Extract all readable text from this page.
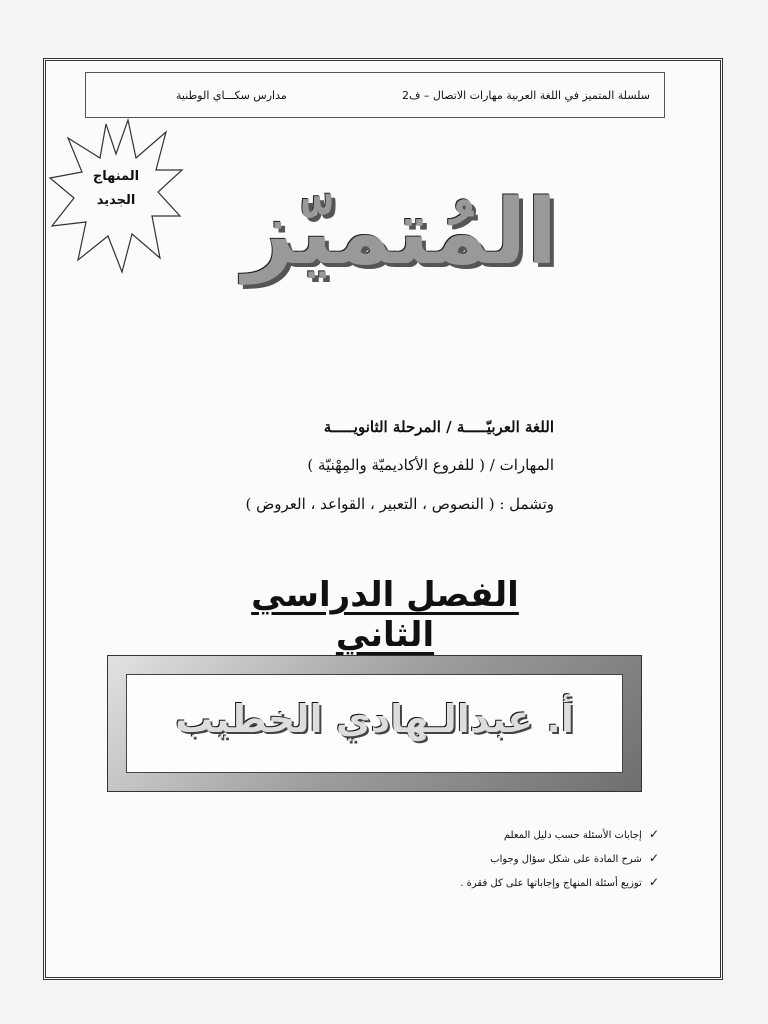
سلسلة المتميز في اللغة العربية مهارات الاتصال – ف2
مدارس سكـــاي الوطنية
المنهاج
الجديد	المُتميّز
اللغة العربيّـــــة / المرحلة الثانويـــــة
المهارات / ( للفروع الأكاديميّة والمِهْنيّة )
وتشمل : ( النصوص ، التعبير ، القواعد ، العروض )
الفصل الدراسي الثاني
أ. عبدالـهادي الخطيب
✓ إجابات الأسئلة حسب دليل المعلم
✓ شرح المادة على شكل سؤال وجواب
✓ توزيع أسئلة المنهاج وإجاباتها على كل فقرة .
